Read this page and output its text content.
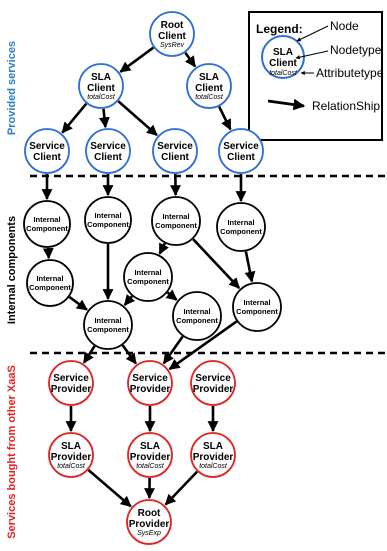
Provided services
Internal components
Services bought from other XaaS
Legend:
SLA
Client
totalCost
Node
Nodetype
Attributetype
RelationShip
Root
Client
SysRev
SLA
Client
totalCost
SLA
Client
totalCost
Service
Client
Service
Client
Service
Client
Service
Client
Internal
Component
Internal
Component
Internal
Component	Internal
Component
Internal
Component
Internal
Component
Internal
Component
Internal
Component
Internal
Component
Service
Provider
Service
Provider
Service
Provider
SLA
Provider
totalCost
SLA
Provider
totalCost
SLA
Provider
totalCost
Root
Provider
SysExp
